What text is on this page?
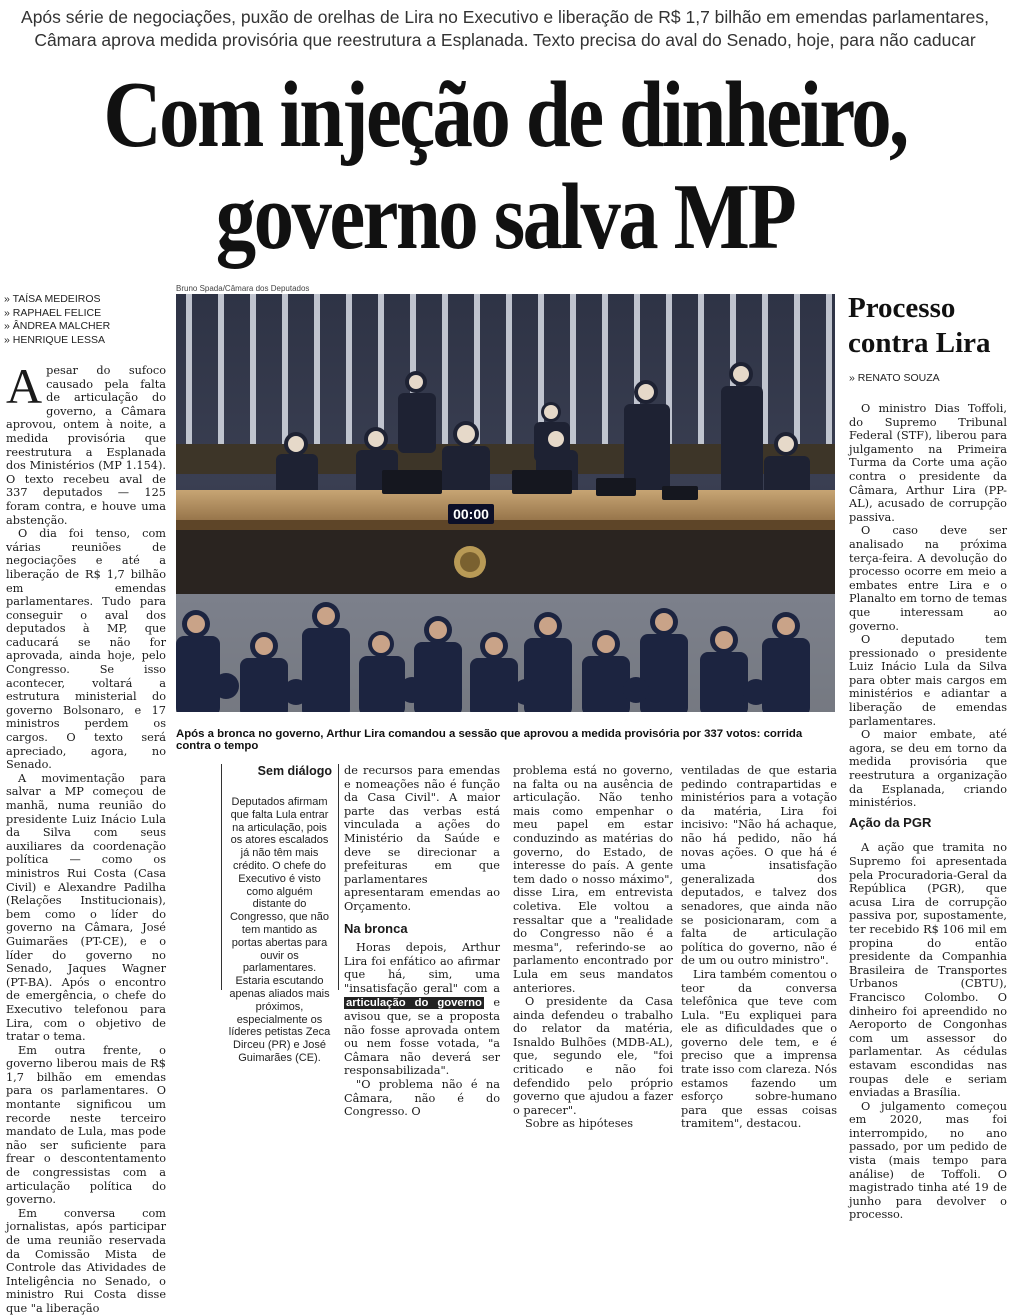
Após série de negociações, puxão de orelhas de Lira no Executivo e liberação de R$ 1,7 bilhão em emendas parlamentares,
Câmara aprova medida provisória que reestrutura a Esplanada. Texto precisa do aval do Senado, hoje, para não caducar
Com injeção de dinheiro,
governo salva MP
Bruno Spada/Câmara dos Deputados
00:00
Após a bronca no governo, Arthur Lira comandou a sessão que aprovou a medida provisória por 337 votos: corrida contra o tempo
» TAÍSA MEDEIROS
» RAPHAEL FELICE
» ÂNDREA MALCHER
» HENRIQUE LESSA

Apesar do sufoco causado pela falta de articulação do governo, a Câmara aprovou, ontem à noite, a medida provisória que reestrutura a Esplanada dos Ministérios (MP 1.154). O texto recebeu aval de 337 deputados — 125 foram contra, e houve uma abstenção.

O dia foi tenso, com várias reuniões de negociações e até a liberação de R$ 1,7 bilhão em emendas parlamentares. Tudo para conseguir o aval dos deputados à MP, que caducará se não for aprovada, ainda hoje, pelo Congresso. Se isso acontecer, voltará a estrutura ministerial do governo Bolsonaro, e 17 ministros perdem os cargos. O texto será apreciado, agora, no Senado.

A movimentação para salvar a MP começou de manhã, numa reunião do presidente Luiz Inácio Lula da Silva com seus auxiliares da coordenação política — como os ministros Rui Costa (Casa Civil) e Alexandre Padilha (Relações Institucionais), bem como o líder do governo na Câmara, José Guimarães (PT-CE), e o líder do governo no Senado, Jaques Wagner (PT-BA). Após o encontro de emergência, o chefe do Executivo telefonou para Lira, com o objetivo de tratar o tema.

Em outra frente, o governo liberou mais de R$ 1,7 bilhão em emendas para os parlamentares. O montante significou um recorde neste terceiro mandato de Lula, mas pode não ser suficiente para frear o descontentamento de congressistas com a articulação política do governo.

Em conversa com jornalistas, após participar de uma reunião reservada da Comissão Mista de Controle das Atividades de Inteligência no Senado, o ministro Rui Costa disse que "a liberação

Sem diálogo
Deputados afirmam que falta Lula entrar na articulação, pois os atores escalados já não têm mais crédito. O chefe do Executivo é visto como alguém distante do Congresso, que não tem mantido as portas abertas para ouvir os parlamentares. Estaria escutando apenas aliados mais próximos, especialmente os líderes petistas Zeca Dirceu (PR) e José Guimarães (CE).

de recursos para emendas e nomeações não é função da Casa Civil". A maior parte das verbas está vinculada a ações do Ministério da Saúde e deve se direcionar a prefeituras em que parlamentares apresentaram emendas ao Orçamento.

Na bronca

Horas depois, Arthur Lira foi enfático ao afirmar que há, sim, uma "insatisfação geral" com a articulação do governo e avisou que, se a proposta não fosse aprovada ontem ou nem fosse votada, "a Câmara não deverá ser responsabilizada".

"O problema não é na Câmara, não é do Congresso. O

problema está no governo, na falta ou na ausência de articulação. Não tenho mais como empenhar o meu papel em estar conduzindo as matérias do governo, do Estado, de interesse do país. A gente tem dado o nosso máximo", disse Lira, em entrevista coletiva. Ele voltou a ressaltar que a "realidade do Congresso não é a mesma", referindo-se ao parlamento encontrado por Lula em seus mandatos anteriores.

O presidente da Casa ainda defendeu o trabalho do relator da matéria, Isnaldo Bulhões (MDB-AL), que, segundo ele, "foi criticado e não foi defendido pelo próprio governo que ajudou a fazer o parecer".

Sobre as hipóteses

ventiladas de que estaria pedindo contrapartidas e ministérios para a votação da matéria, Lira foi incisivo: "Não há achaque, não há pedido, não há novas ações. O que há é uma insatisfação generalizada dos deputados, e talvez dos senadores, que ainda não se posicionaram, com a falta de articulação política do governo, não é de um ou outro ministro".

Lira também comentou o teor da conversa telefônica que teve com Lula. "Eu expliquei para ele as dificuldades que o governo dele tem, e é preciso que a imprensa trate isso com clareza. Nós estamos fazendo um esforço sobre-humano para que essas coisas tramitem", destacou.

Processo
contra Lira
» RENATO SOUZA

O ministro Dias Toffoli, do Supremo Tribunal Federal (STF), liberou para julgamento na Primeira Turma da Corte uma ação contra o presidente da Câmara, Arthur Lira (PP-AL), acusado de corrupção passiva.

O caso deve ser analisado na próxima terça-feira. A devolução do processo ocorre em meio a embates entre Lira e o Planalto em torno de temas que interessam ao governo.

O deputado tem pressionado o presidente Luiz Inácio Lula da Silva para obter mais cargos em ministérios e adiantar a liberação de emendas parlamentares.

O maior embate, até agora, se deu em torno da medida provisória que reestrutura a organização da Esplanada, criando ministérios.

Ação da PGR

A ação que tramita no Supremo foi apresentada pela Procuradoria-Geral da República (PGR), que acusa Lira de corrupção passiva por, supostamente, ter recebido R$ 106 mil em propina do então presidente da Companhia Brasileira de Transportes Urbanos (CBTU), Francisco Colombo. O dinheiro foi apreendido no Aeroporto de Congonhas com um assessor do parlamentar. As cédulas estavam escondidas nas roupas dele e seriam enviadas a Brasília.

O julgamento começou em 2020, mas foi interrompido, no ano passado, por um pedido de vista (mais tempo para análise) de Toffoli. O magistrado tinha até 19 de junho para devolver o processo.
